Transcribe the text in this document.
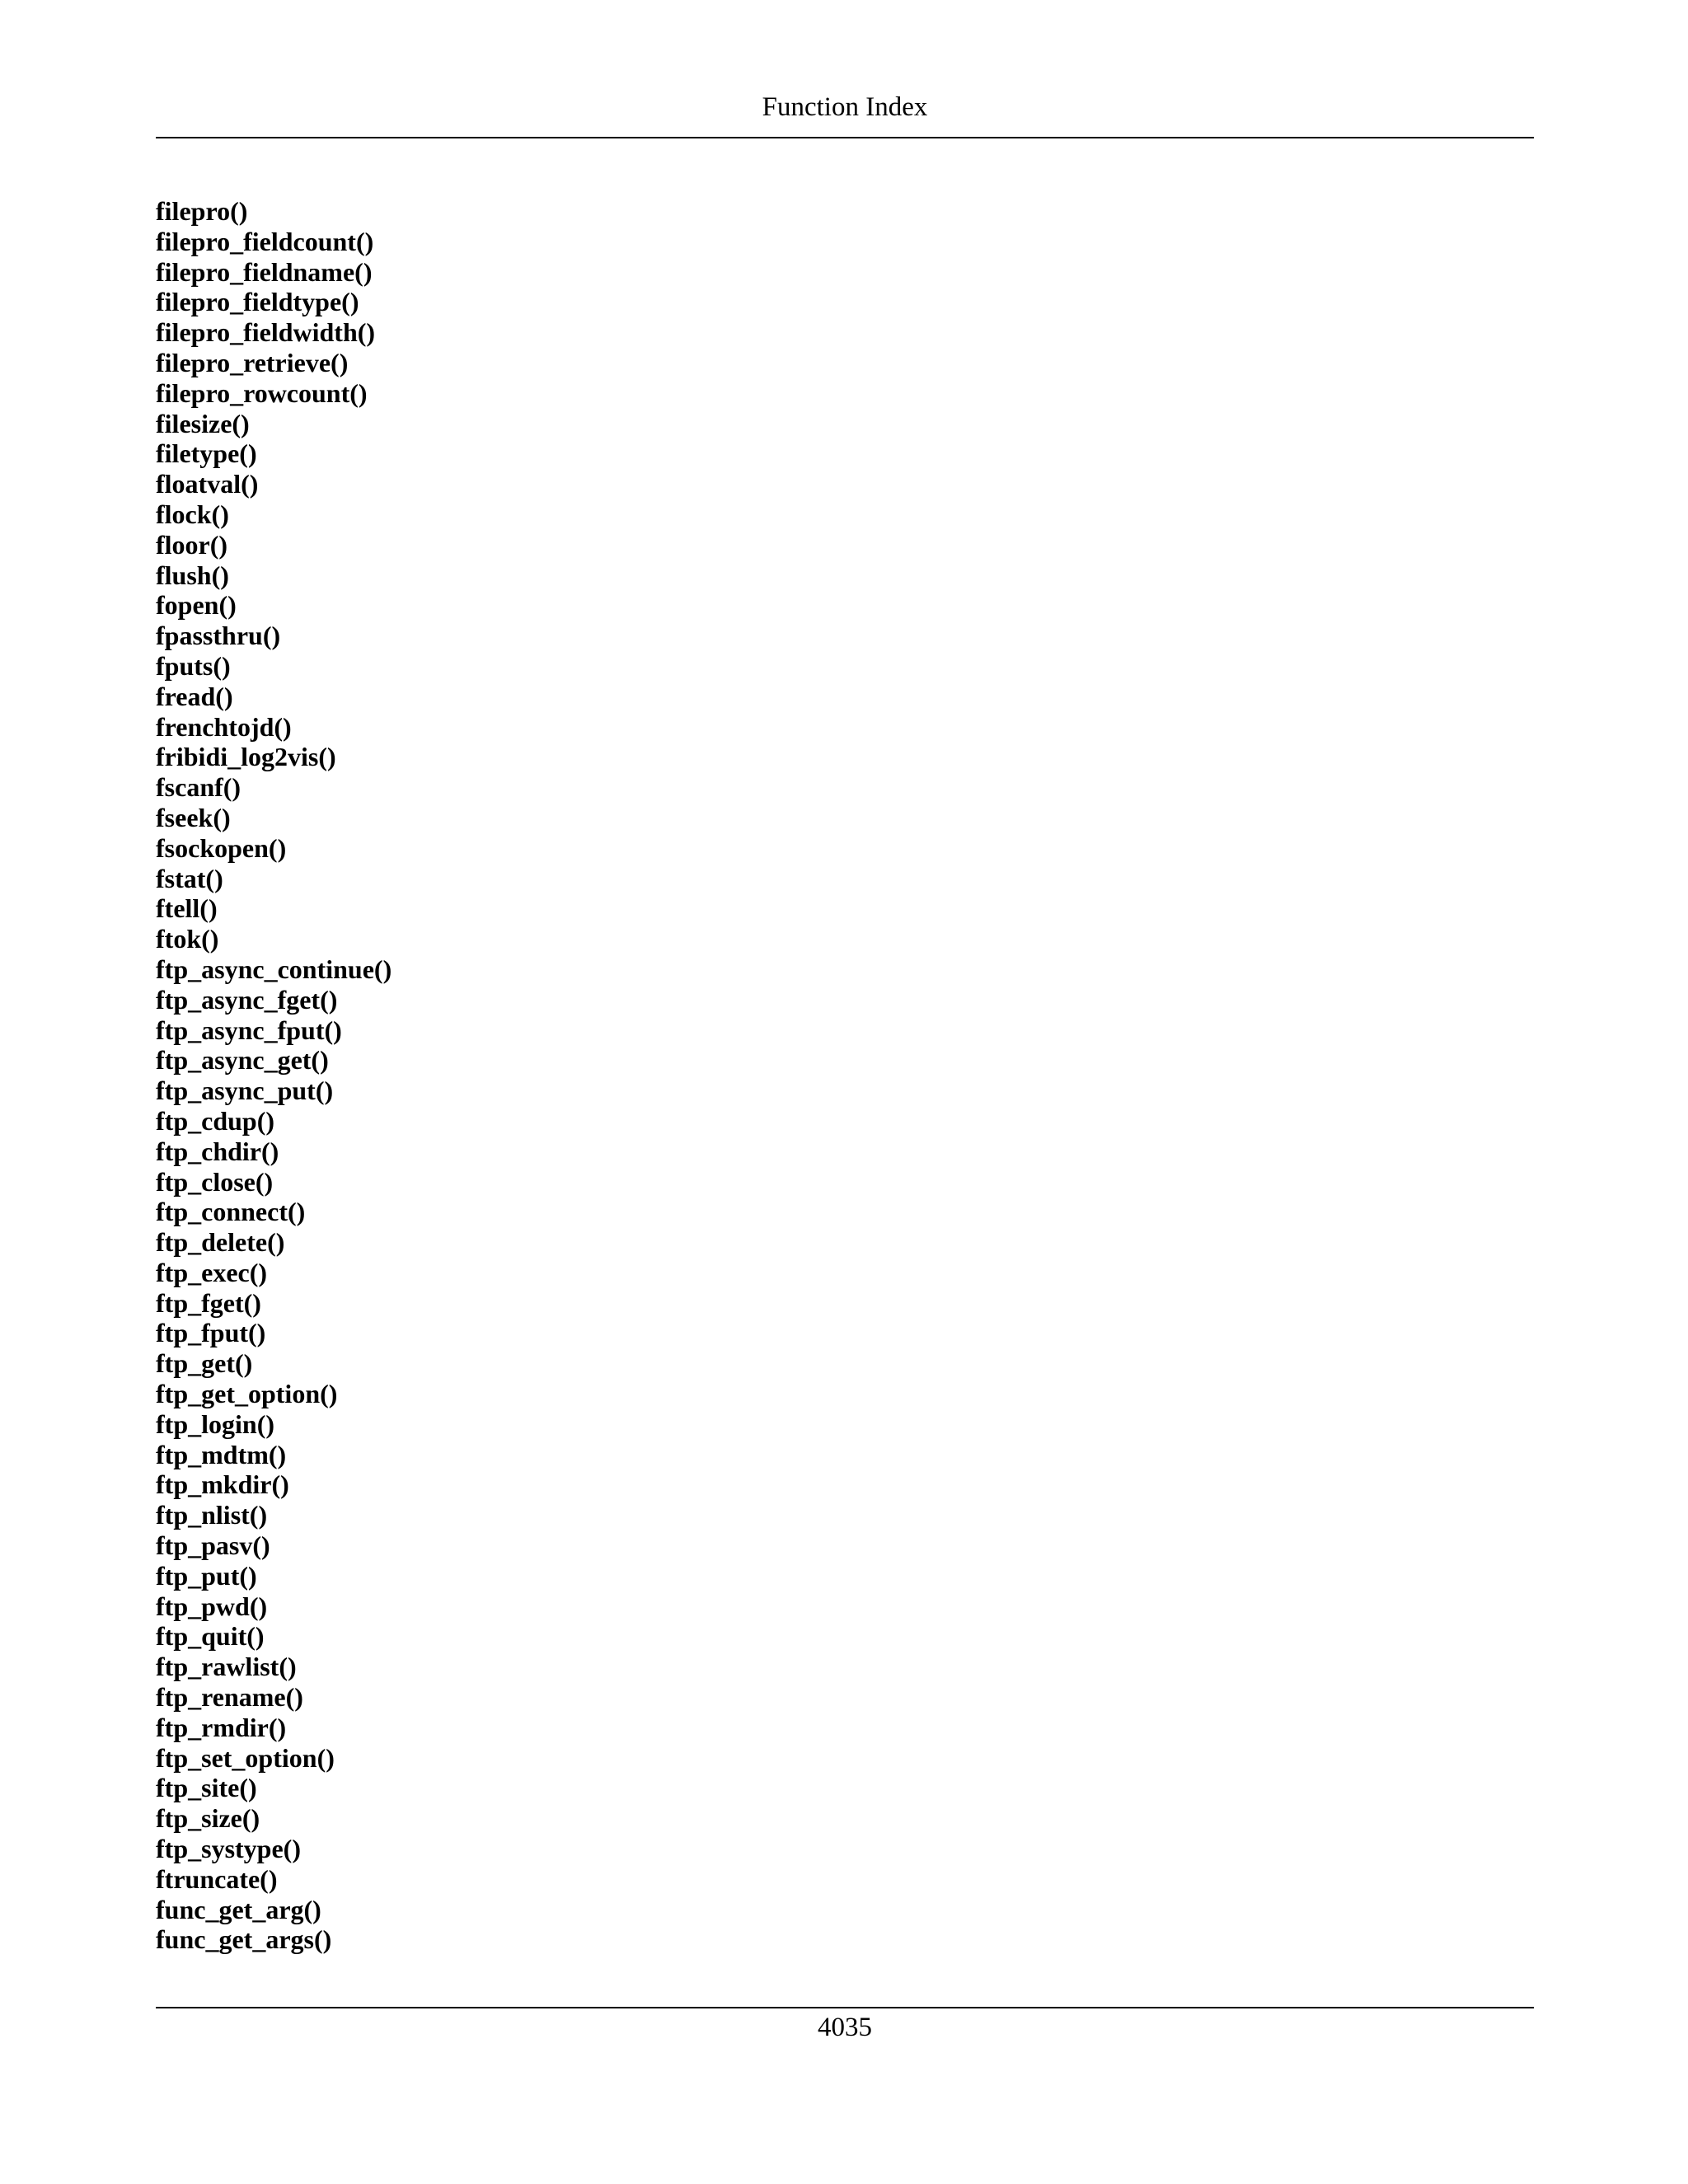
Function Index
filepro()
filepro_fieldcount()
filepro_fieldname()
filepro_fieldtype()
filepro_fieldwidth()
filepro_retrieve()
filepro_rowcount()
filesize()
filetype()
floatval()
flock()
floor()
flush()
fopen()
fpassthru()
fputs()
fread()
frenchtojd()
fribidi_log2vis()
fscanf()
fseek()
fsockopen()
fstat()
ftell()
ftok()
ftp_async_continue()
ftp_async_fget()
ftp_async_fput()
ftp_async_get()
ftp_async_put()
ftp_cdup()
ftp_chdir()
ftp_close()
ftp_connect()
ftp_delete()
ftp_exec()
ftp_fget()
ftp_fput()
ftp_get()
ftp_get_option()
ftp_login()
ftp_mdtm()
ftp_mkdir()
ftp_nlist()
ftp_pasv()
ftp_put()
ftp_pwd()
ftp_quit()
ftp_rawlist()
ftp_rename()
ftp_rmdir()
ftp_set_option()
ftp_site()
ftp_size()
ftp_systype()
ftruncate()
func_get_arg()
func_get_args()
4035
